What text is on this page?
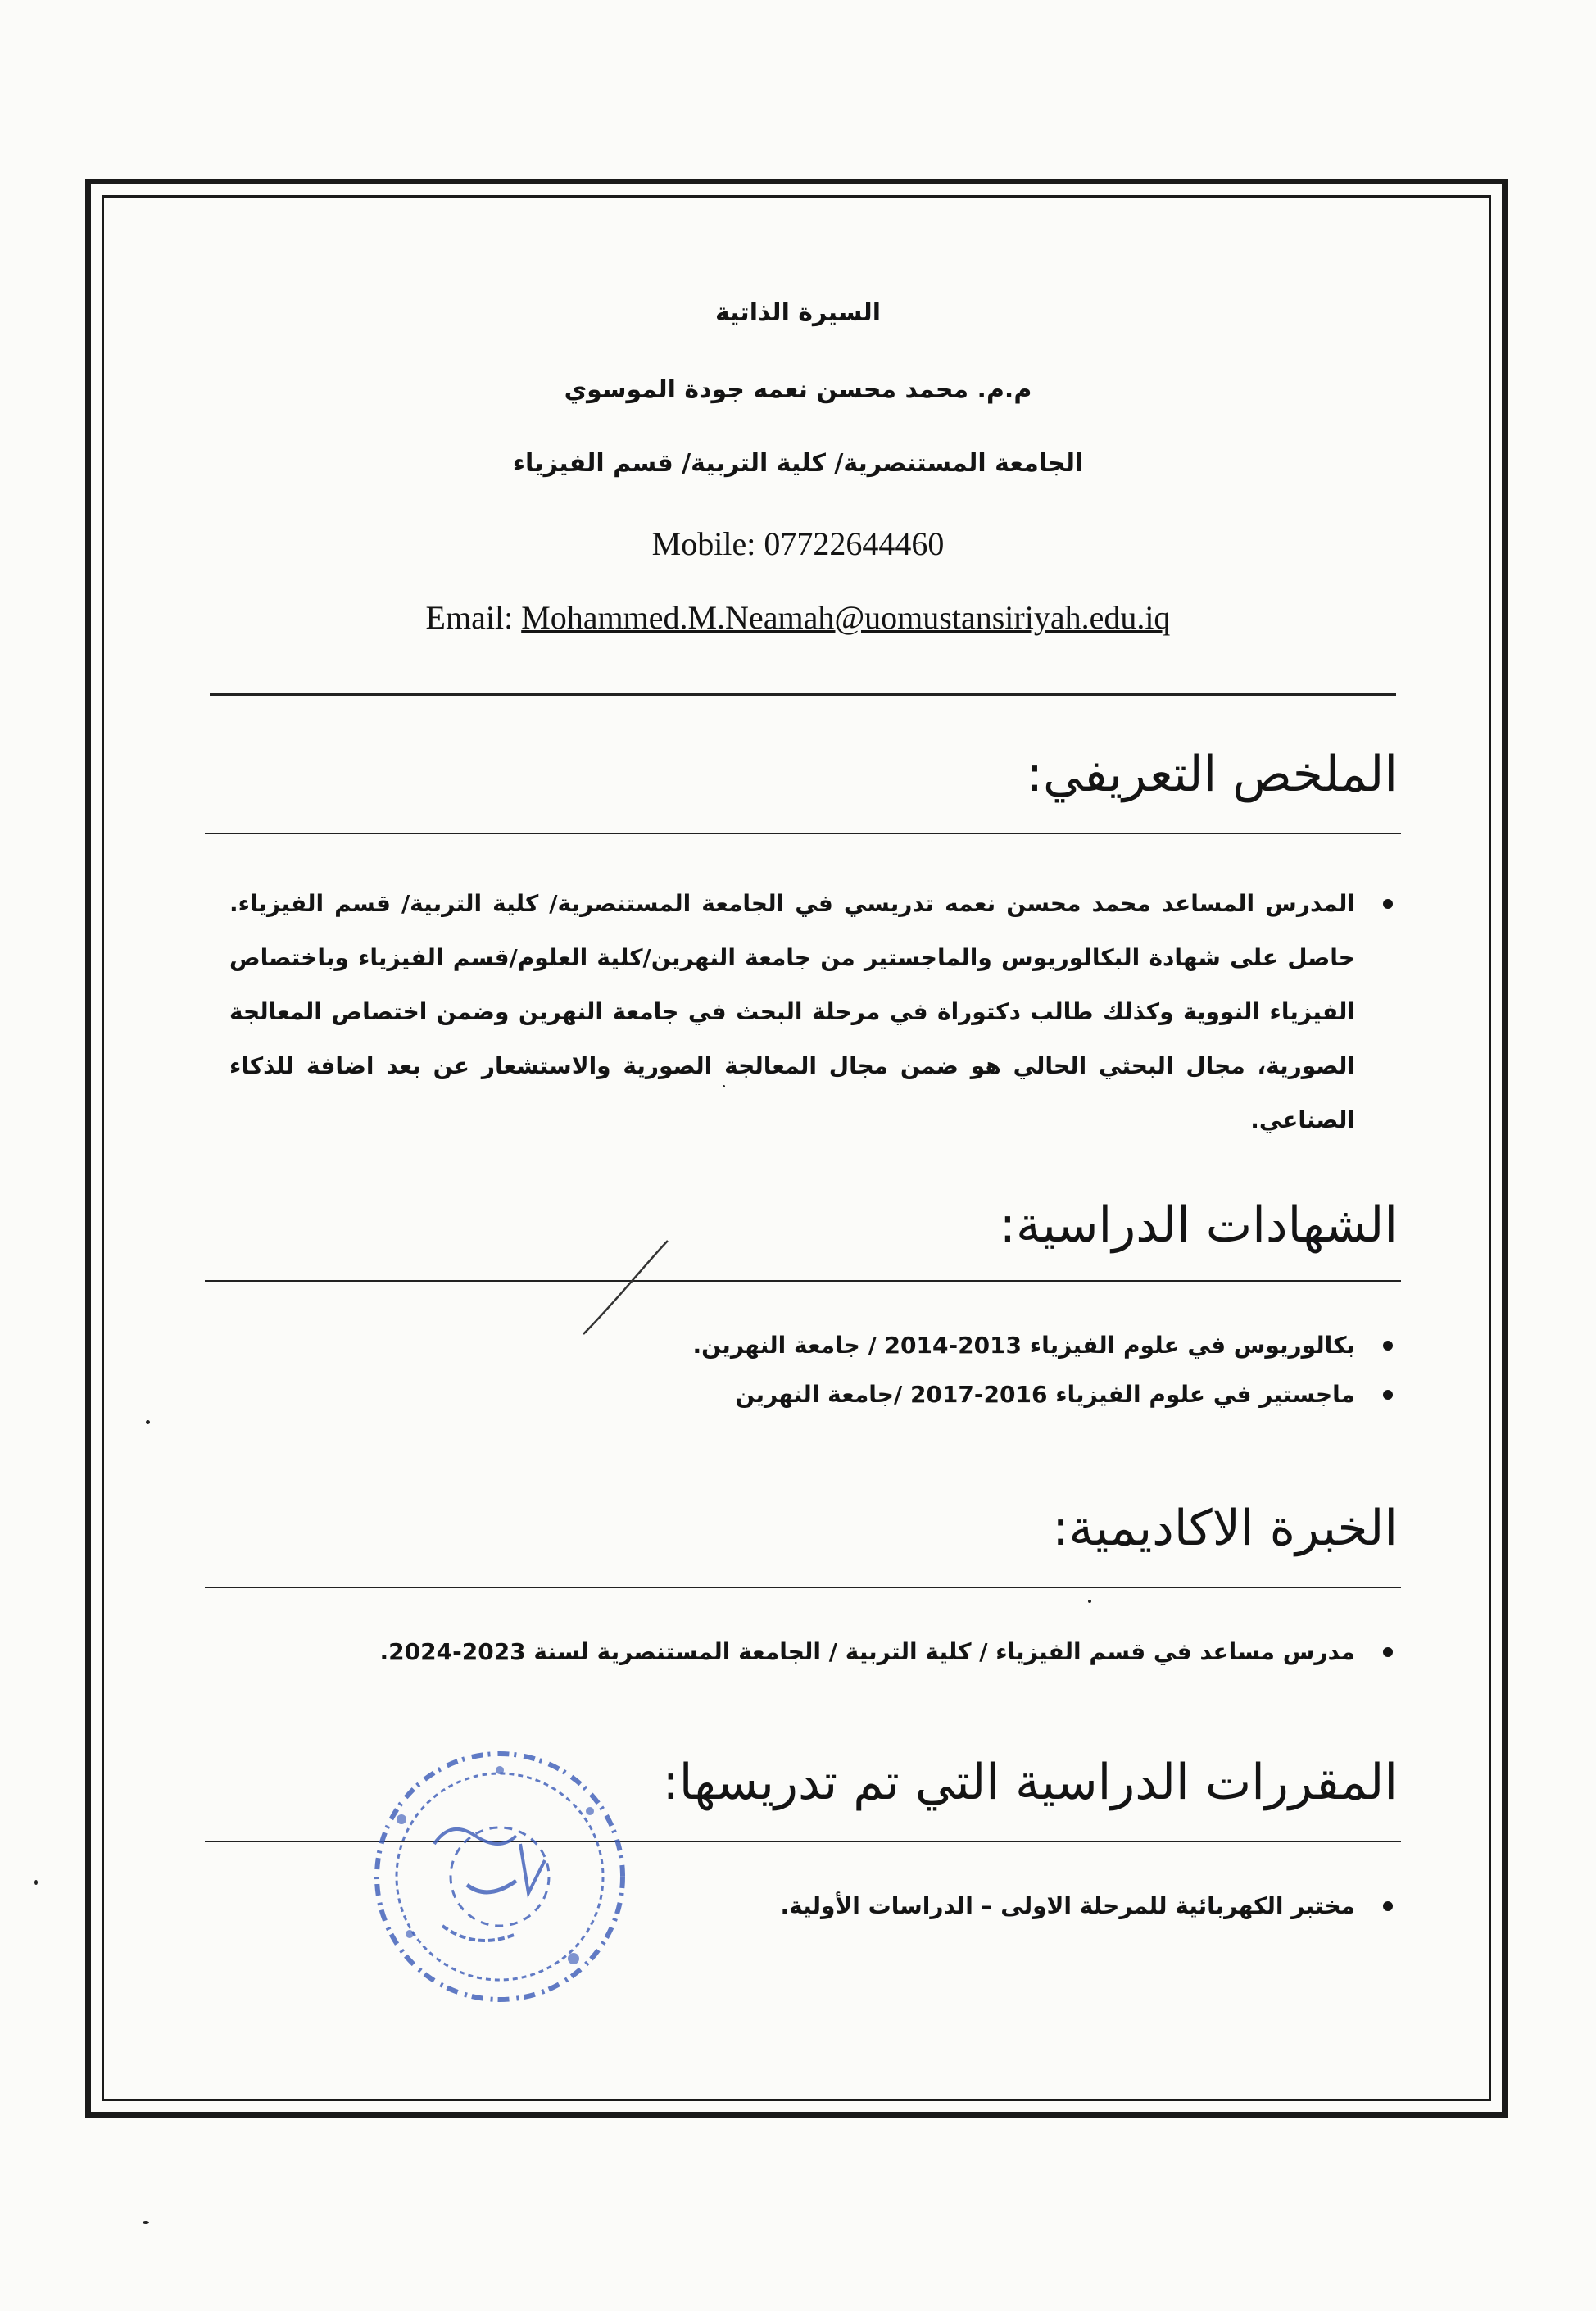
السيرة الذاتية
م.م. محمد محسن نعمه جودة الموسوي
الجامعة المستنصرية/ كلية التربية/ قسم الفيزياء
Mobile: 07722644460
Email: Mohammed.M.Neamah@uomustansiriyah.edu.iq
الملخص التعريفي:
المدرس المساعد محمد محسن نعمه تدريسي في الجامعة المستنصرية/ كلية التربية/ قسم الفيزياء. حاصل على شهادة البكالوريوس والماجستير من جامعة النهرين/كلية العلوم/قسم الفيزياء وباختصاص الفيزياء النووية وكذلك طالب دكتوراة في مرحلة البحث في جامعة النهرين وضمن اختصاص المعالجة الصورية، مجال البحثي الحالي هو ضمن مجال المعالجة الصورية والاستشعار عن بعد اضافة للذكاء الصناعي.
الشهادات الدراسية:
بكالوريوس في علوم الفيزياء 2013-2014 / جامعة النهرين.
ماجستير في علوم الفيزياء 2016-2017 /جامعة النهرين
الخبرة الاكاديمية:
مدرس مساعد في قسم الفيزياء / كلية التربية / الجامعة المستنصرية لسنة 2023-2024.
المقررات الدراسية التي تم تدريسها:
مختبر الكهربائية للمرحلة الاولى – الدراسات الأولية.
